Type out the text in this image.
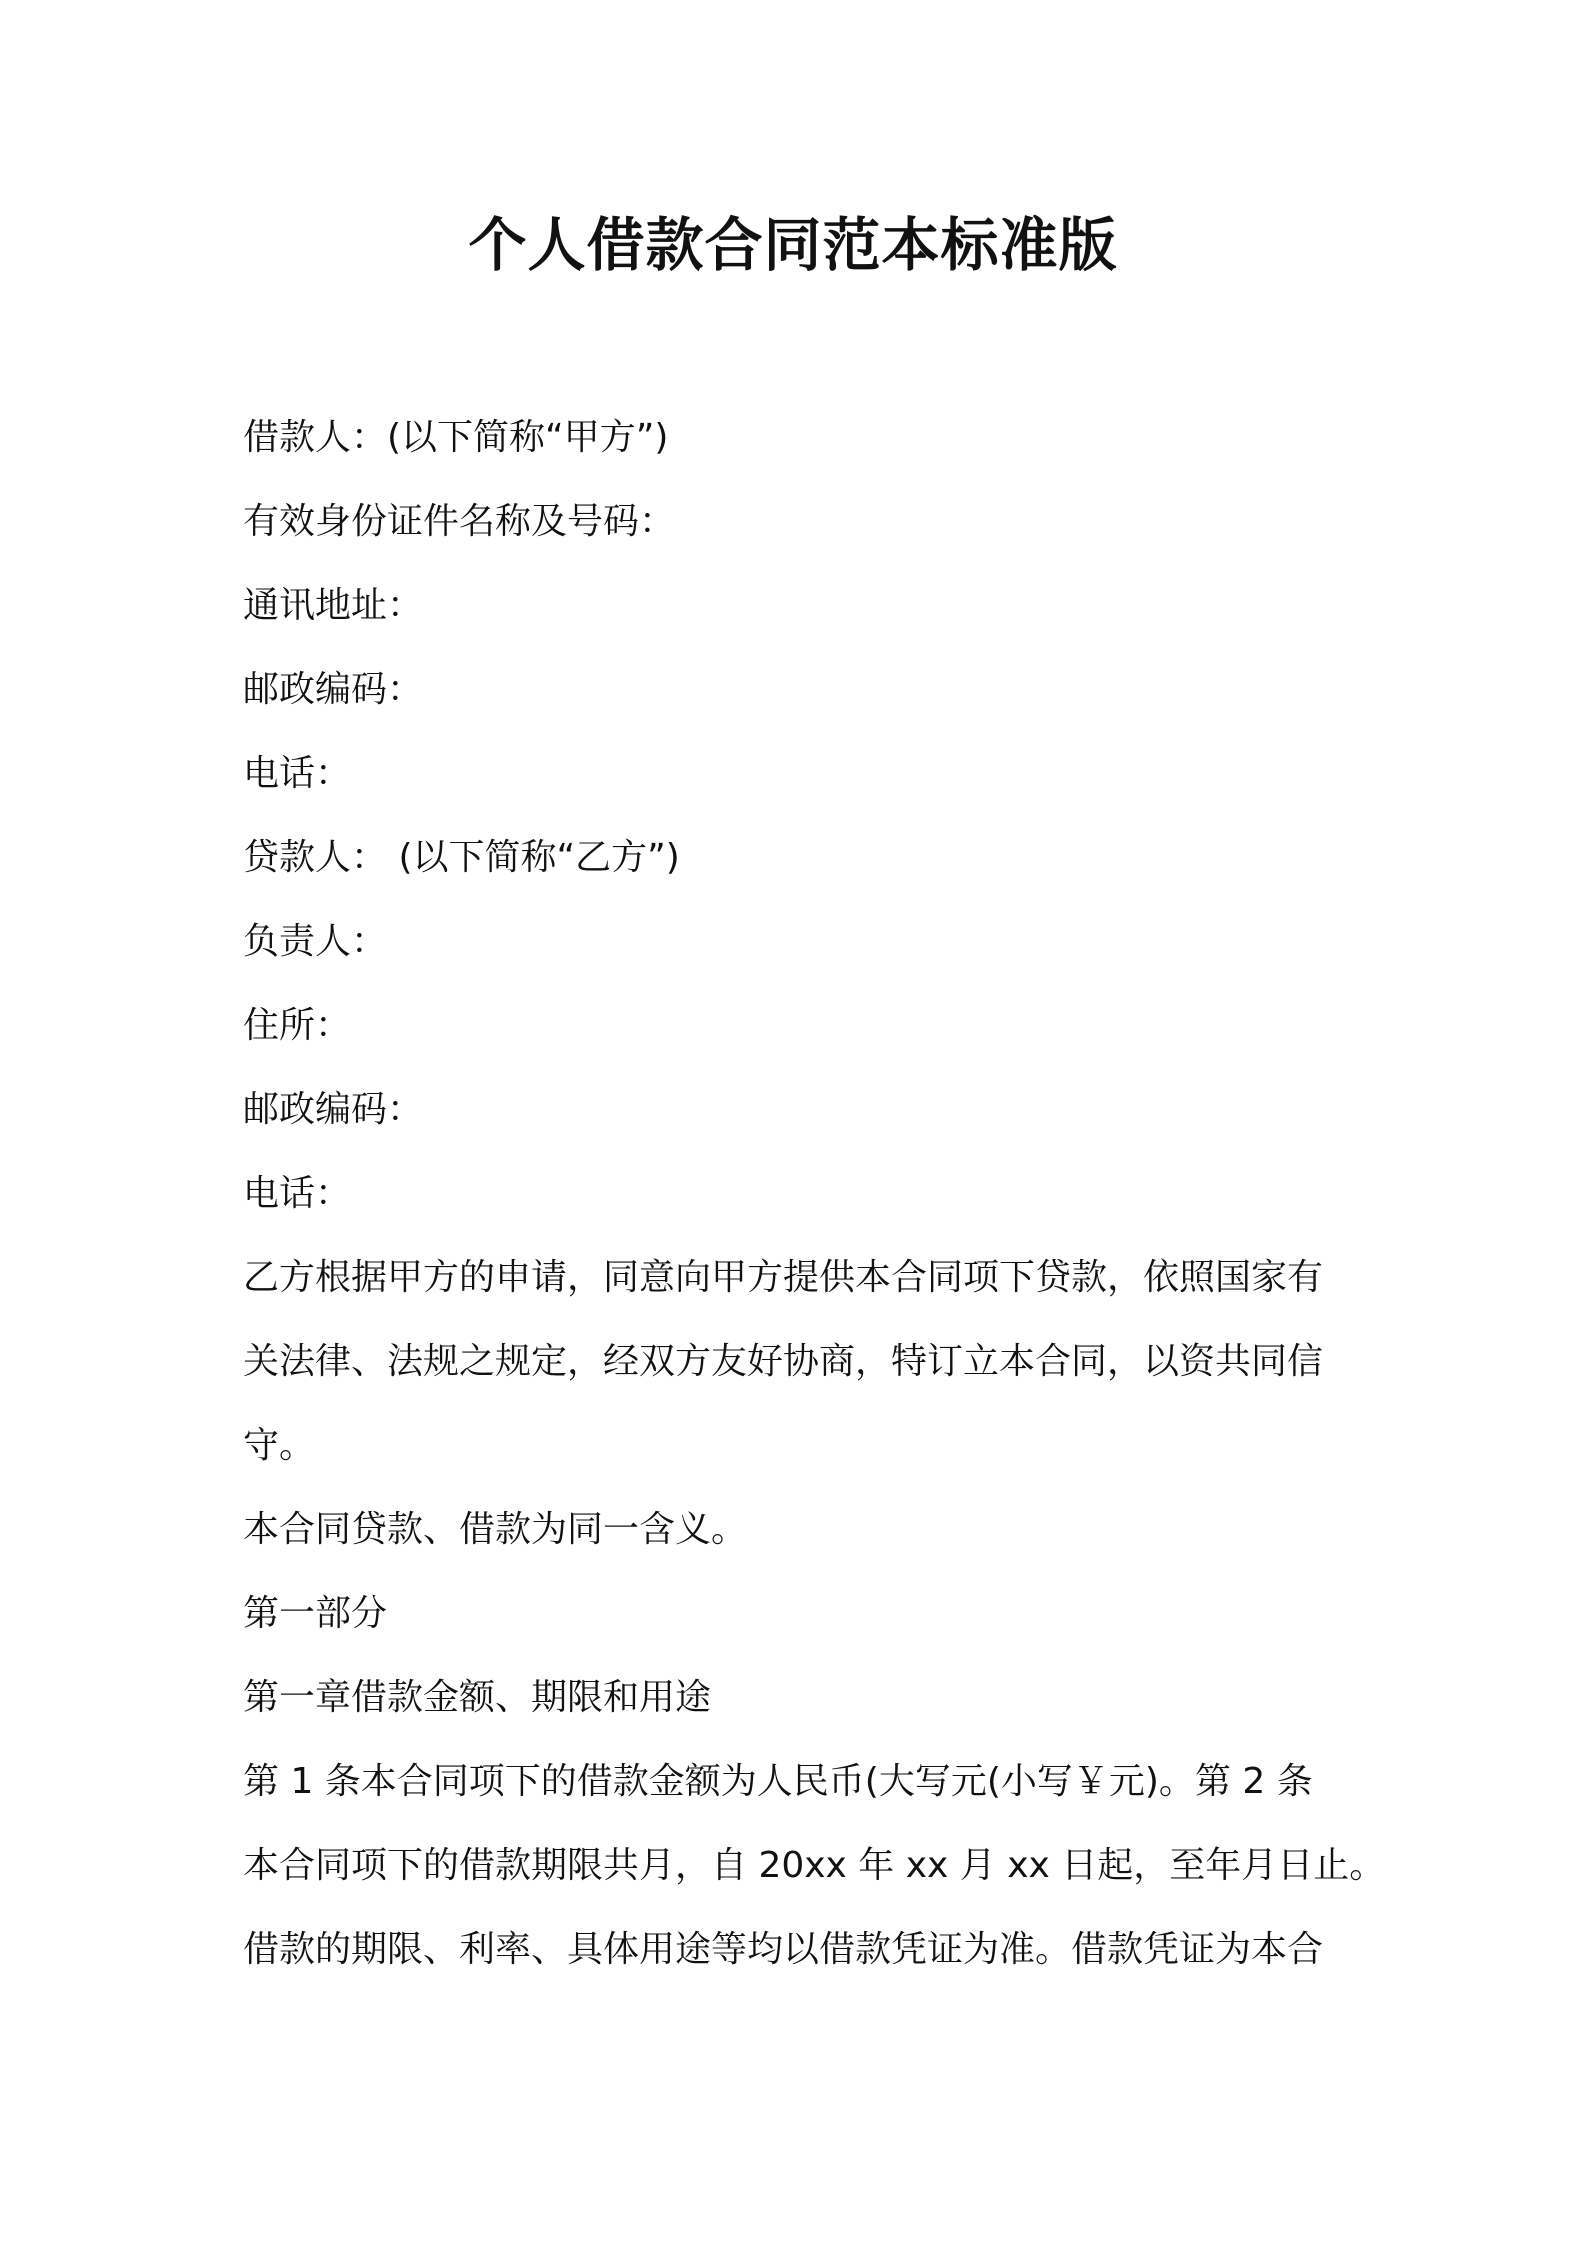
个人借款合同范本标准版
借款人：(以下简称“甲方”)
有效身份证件名称及号码：
通讯地址：
邮政编码：
电话：
贷款人： (以下简称“乙方”)
负责人：
住所：
邮政编码：
电话：
乙方根据甲方的申请，同意向甲方提供本合同项下贷款，依照国家有
关法律、法规之规定，经双方友好协商，特订立本合同，以资共同信
守。
本合同贷款、借款为同一含义。
第一部分
第一章借款金额、期限和用途
第 1 条本合同项下的借款金额为人民币(大写元(小写￥元)。第 2 条
本合同项下的借款期限共月，自 20xx 年 xx 月 xx 日起，至年月日止。
借款的期限、利率、具体用途等均以借款凭证为准。借款凭证为本合
